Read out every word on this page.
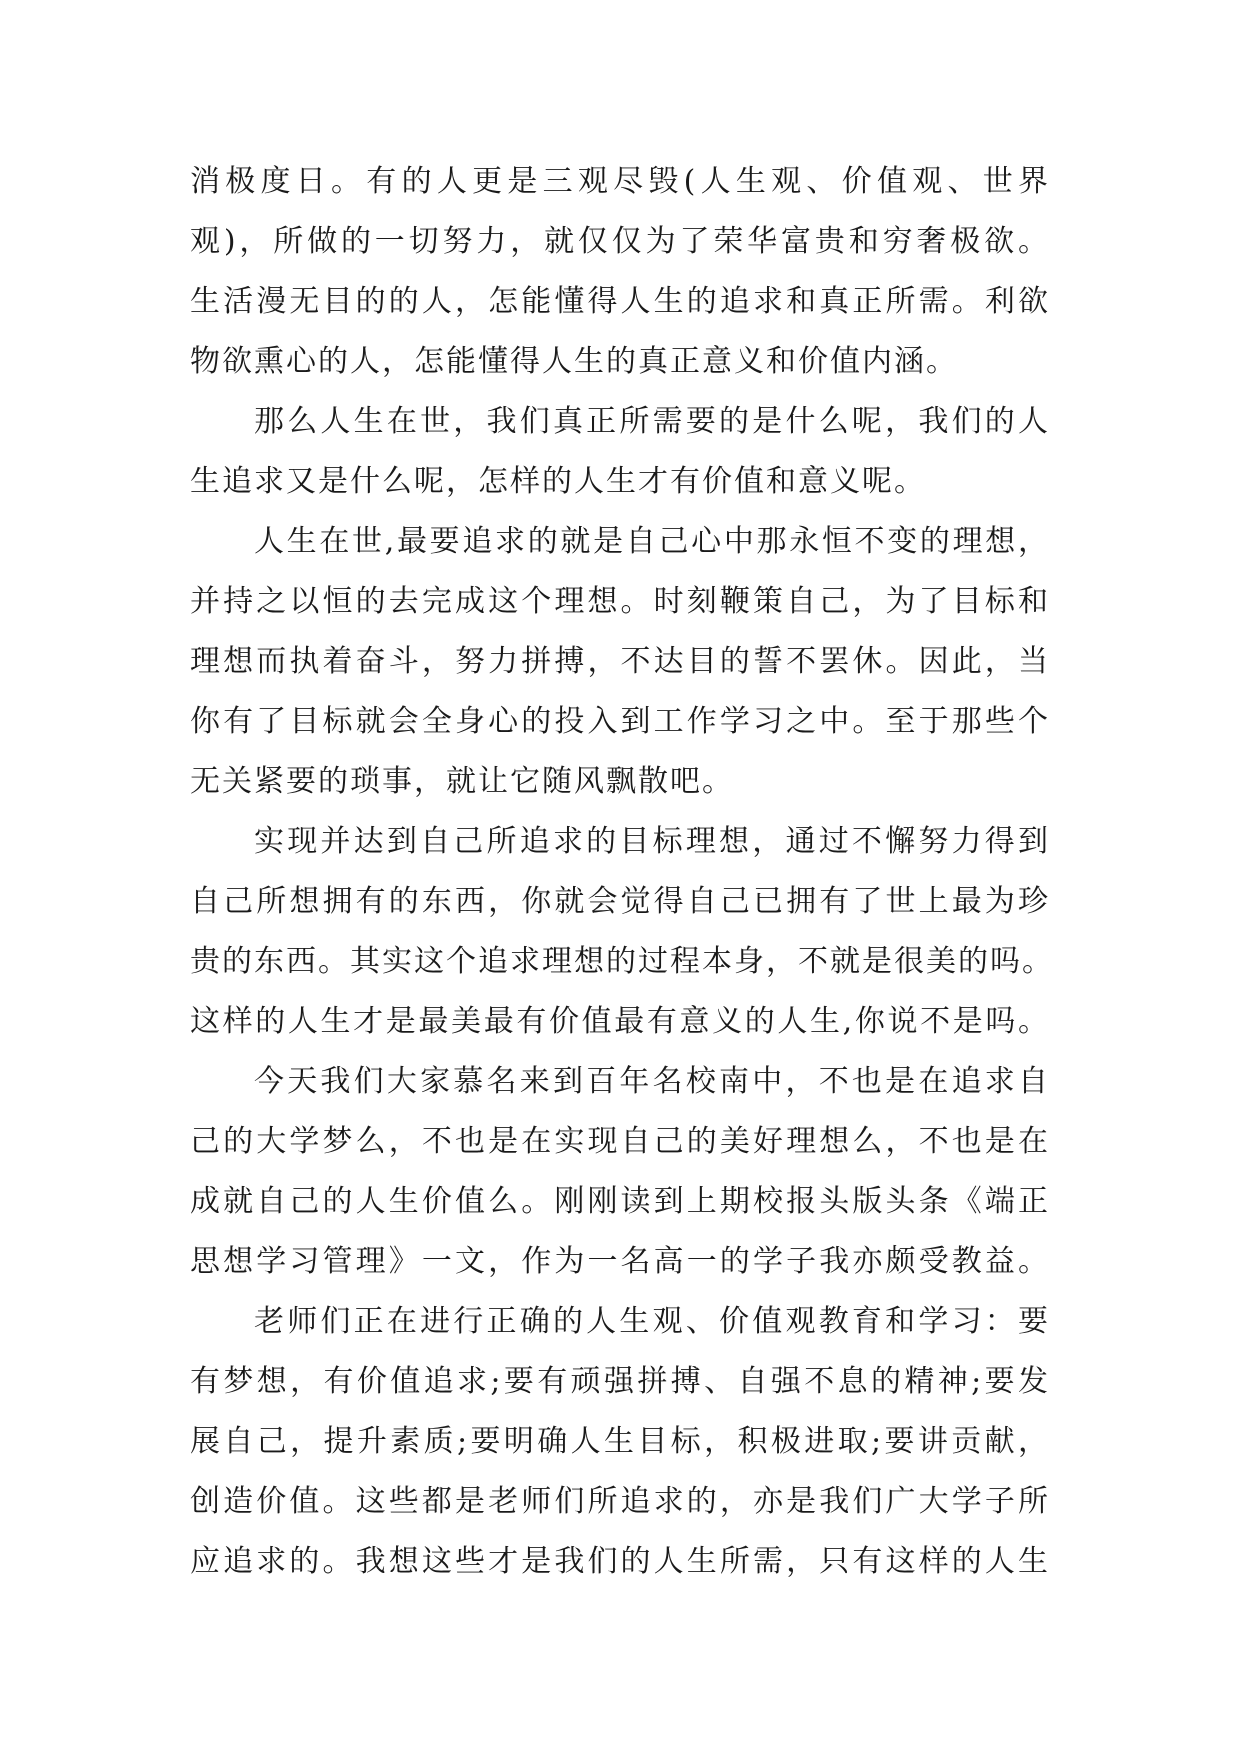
消极度日。有的人更是三观尽毁(人生观、价值观、世界
观)，所做的一切努力，就仅仅为了荣华富贵和穷奢极欲。
生活漫无目的的人，怎能懂得人生的追求和真正所需。利欲
物欲熏心的人，怎能懂得人生的真正意义和价值内涵。
那么人生在世，我们真正所需要的是什么呢，我们的人
生追求又是什么呢，怎样的人生才有价值和意义呢。
人生在世,最要追求的就是自己心中那永恒不变的理想，
并持之以恒的去完成这个理想。时刻鞭策自己，为了目标和
理想而执着奋斗，努力拼搏，不达目的誓不罢休。因此，当
你有了目标就会全身心的投入到工作学习之中。至于那些个
无关紧要的琐事，就让它随风飘散吧。
实现并达到自己所追求的目标理想，通过不懈努力得到
自己所想拥有的东西，你就会觉得自己已拥有了世上最为珍
贵的东西。其实这个追求理想的过程本身，不就是很美的吗。
这样的人生才是最美最有价值最有意义的人生,你说不是吗。
今天我们大家慕名来到百年名校南中，不也是在追求自
己的大学梦么，不也是在实现自己的美好理想么，不也是在
成就自己的人生价值么。刚刚读到上期校报头版头条《端正
思想学习管理》一文，作为一名高一的学子我亦颇受教益。
老师们正在进行正确的人生观、价值观教育和学习：要
有梦想，有价值追求;要有顽强拼搏、自强不息的精神;要发
展自己，提升素质;要明确人生目标，积极进取;要讲贡献，
创造价值。这些都是老师们所追求的，亦是我们广大学子所
应追求的。我想这些才是我们的人生所需，只有这样的人生
